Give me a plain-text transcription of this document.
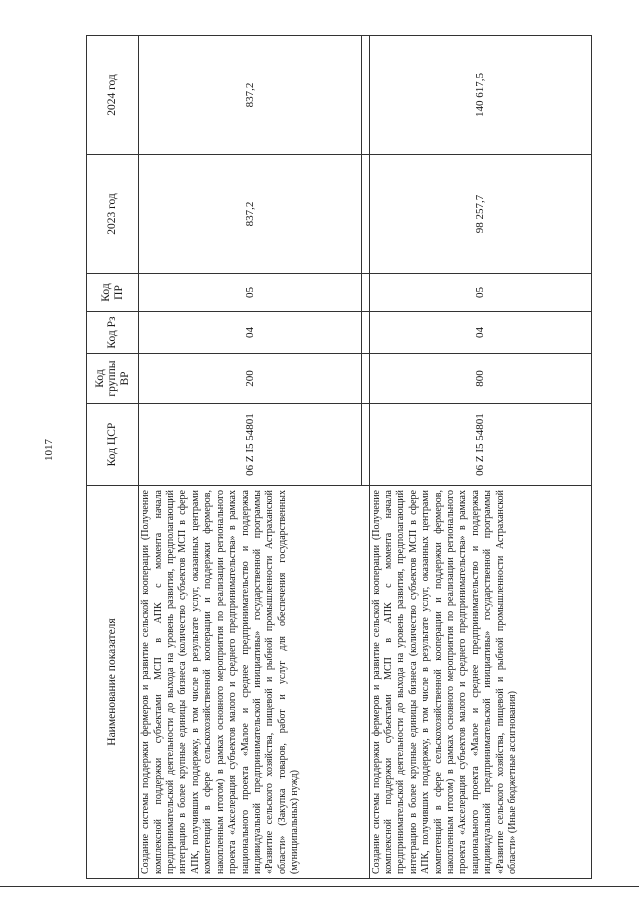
1017
Наименование показателя	Код ЦСР	Код группы ВР	Код Рз	Код ПР	2023 год	2024 год
Создание системы поддержки фермеров и развитие сельской кооперации (Получение комплексной поддержки субъектами МСП в АПК с момента начала предпринимательской деятельности до выхода на уровень развития, предполагающий интеграцию в более крупные единицы бизнеса (количество субъектов МСП в сфере АПК, получивших поддержку, в том числе в результате услуг, оказанных центрами компетенций в сфере сельскохозяйственной кооперации и поддержки фермеров, накопленным итогом) в рамках основного мероприятия по реализации регионального проекта «Акселерация субъектов малого и среднего предпринимательства» в рамках национального проекта «Малое и среднее предпринимательство и поддержка индивидуальной предпринимательской инициативы» государственной программы «Развитие сельского хозяйства, пищевой и рыбной промышленности Астраханской области» (Закупка товаров, работ и услуг для обеспечения государственных (муниципальных) нужд)	06 Z I5 54801	200	04	05	837,2	837,2

Создание системы поддержки фермеров и развитие сельской кооперации (Получение комплексной поддержки субъектами МСП в АПК с момента начала предпринимательской деятельности до выхода на уровень развития, предполагающий интеграцию в более крупные единицы бизнеса (количество субъектов МСП в сфере АПК, получивших поддержку, в том числе в результате услуг, оказанных центрами компетенций в сфере сельскохозяйственной кооперации и поддержки фермеров, накопленным итогом) в рамках основного мероприятия по реализации регионального проекта «Акселерация субъектов малого и среднего предпринимательства» в рамках национального проекта «Малое и среднее предпринимательство и поддержка индивидуальной предпринимательской инициативы» государственной программы «Развитие сельского хозяйства, пищевой и рыбной промышленности Астраханской области» (Иные бюджетные ассигнования)	06 Z I5 54801	800	04	05	98 257,7	140 617,5
